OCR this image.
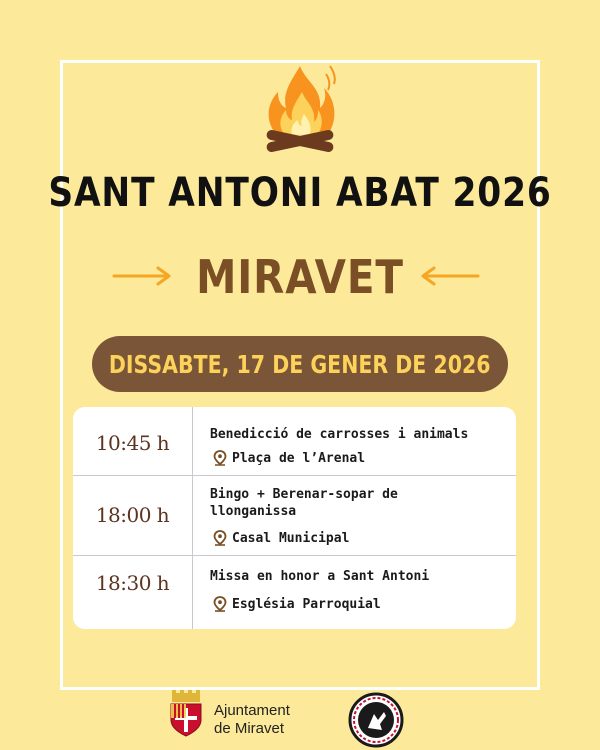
SANT ANTONI ABAT 2026
MIRAVET
DISSABTE, 17 DE GENER DE 2026
10:45 h	Benedicció de carrosses i animals
Plaça de l’Arenal
18:00 h
Bingo + Berenar-sopar de llonganissa
Casal Municipal
18:30 h	Missa en honor a Sant Antoni
Església Parroquial
Ajuntament
de Miravet
